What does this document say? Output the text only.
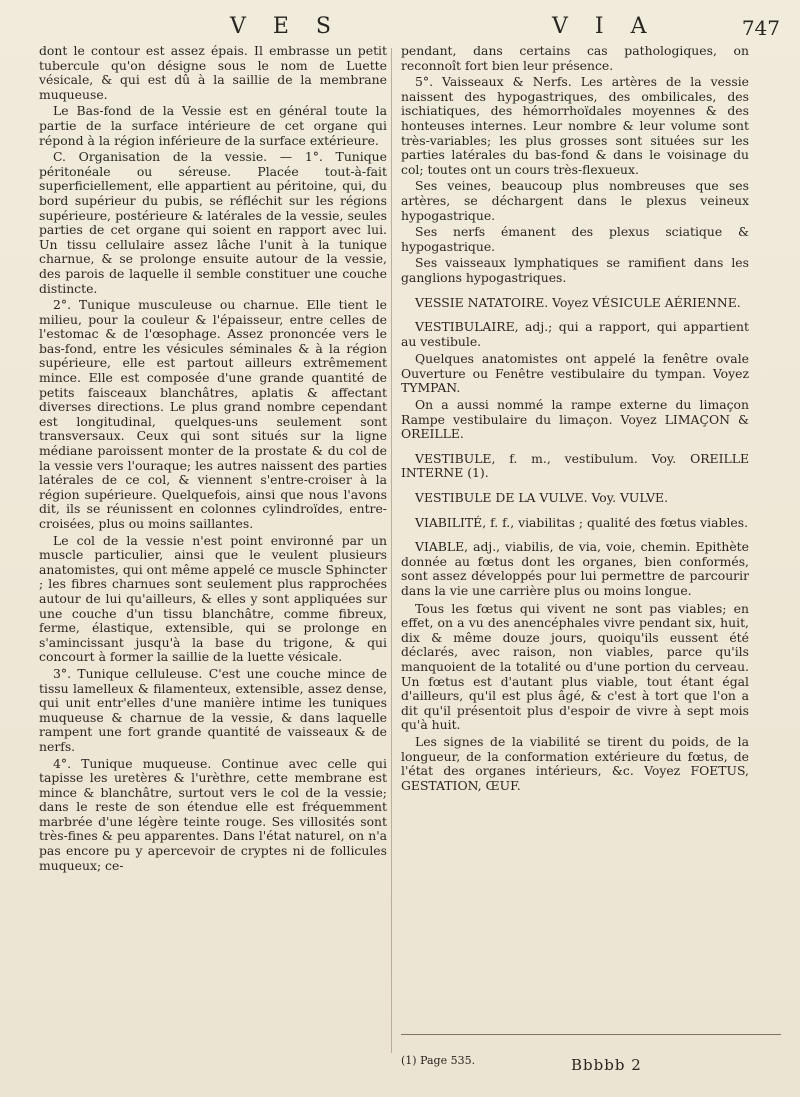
V E S	V I A	747

dont le contour est assez épais. Il embrasse un petit tubercule qu'on désigne sous le nom de Luette vésicale, & qui est dû à la saillie de la membrane muqueuse.

Le Bas-fond de la Vessie est en général toute la partie de la surface intérieure de cet organe qui répond à la région inférieure de la surface extérieure.

C. Organisation de la vessie. — 1°. Tunique péritonéale ou séreuse. Placée tout-à-fait superficiellement, elle appartient au péritoine, qui, du bord supérieur du pubis, se réfléchit sur les régions supérieure, postérieure & latérales de la vessie, seules parties de cet organe qui soient en rapport avec lui. Un tissu cellulaire assez lâche l'unit à la tunique charnue, & se prolonge ensuite autour de la vessie, des parois de laquelle il semble constituer une couche distincte.

2°. Tunique musculeuse ou charnue. Elle tient le milieu, pour la couleur & l'épaisseur, entre celles de l'estomac & de l'œsophage. Assez prononcée vers le bas-fond, entre les vésicules séminales & à la région supérieure, elle est partout ailleurs extrêmement mince. Elle est composée d'une grande quantité de petits faisceaux blanchâtres, aplatis & affectant diverses directions. Le plus grand nombre cependant est longitudinal, quelques-uns seulement sont transversaux. Ceux qui sont situés sur la ligne médiane paroissent monter de la prostate & du col de la vessie vers l'ouraque; les autres naissent des parties latérales de ce col, & viennent s'entre-croiser à la région supérieure. Quelquefois, ainsi que nous l'avons dit, ils se réunissent en colonnes cylindroïdes, entre-croisées, plus ou moins saillantes.

Le col de la vessie n'est point environné par un muscle particulier, ainsi que le veulent plusieurs anatomistes, qui ont même appelé ce muscle Sphincter ; les fibres charnues sont seulement plus rapprochées autour de lui qu'ailleurs, & elles y sont appliquées sur une couche d'un tissu blanchâtre, comme fibreux, ferme, élastique, extensible, qui se prolonge en s'amincissant jusqu'à la base du trigone, & qui concourt à former la saillie de la luette vésicale.

3°. Tunique celluleuse. C'est une couche mince de tissu lamelleux & filamenteux, extensible, assez dense, qui unit entr'elles d'une manière intime les tuniques muqueuse & charnue de la vessie, & dans laquelle rampent une fort grande quantité de vaisseaux & de nerfs.

4°. Tunique muqueuse. Continue avec celle qui tapisse les uretères & l'urèthre, cette membrane est mince & blanchâtre, surtout vers le col de la vessie; dans le reste de son étendue elle est fréquemment marbrée d'une légère teinte rouge. Ses villosités sont très-fines & peu apparentes. Dans l'état naturel, on n'a pas encore pu y apercevoir de cryptes ni de follicules muqueux; ce-

pendant, dans certains cas pathologiques, on reconnoît fort bien leur présence.

5°. Vaisseaux & Nerfs. Les artères de la vessie naissent des hypogastriques, des ombilicales, des ischiatiques, des hémorrhoïdales moyennes & des honteuses internes. Leur nombre & leur volume sont très-variables; les plus grosses sont situées sur les parties latérales du bas-fond & dans le voisinage du col; toutes ont un cours très-flexueux.

Ses veines, beaucoup plus nombreuses que ses artères, se déchargent dans le plexus veineux hypogastrique.

Ses nerfs émanent des plexus sciatique & hypogastrique.

Ses vaisseaux lymphatiques se ramifient dans les ganglions hypogastriques.

VESSIE NATATOIRE. Voyez VÉSICULE AÉRIENNE.

VESTIBULAIRE, adj.; qui a rapport, qui appartient au vestibule.

Quelques anatomistes ont appelé la fenêtre ovale Ouverture ou Fenêtre vestibulaire du tympan. Voyez TYMPAN.

On a aussi nommé la rampe externe du limaçon Rampe vestibulaire du limaçon. Voyez LIMAÇON & OREILLE.

VESTIBULE, f. m., vestibulum. Voy. OREILLE INTERNE (1).

VESTIBULE DE LA VULVE. Voy. VULVE.

VIABILITÉ, f. f., viabilitas ; qualité des fœtus viables.

VIABLE, adj., viabilis, de via, voie, chemin. Epithète donnée au fœtus dont les organes, bien conformés, sont assez développés pour lui permettre de parcourir dans la vie une carrière plus ou moins longue.

Tous les fœtus qui vivent ne sont pas viables; en effet, on a vu des anencéphales vivre pendant six, huit, dix & même douze jours, quoiqu'ils eussent été déclarés, avec raison, non viables, parce qu'ils manquoient de la totalité ou d'une portion du cerveau. Un fœtus est d'autant plus viable, tout étant égal d'ailleurs, qu'il est plus âgé, & c'est à tort que l'on a dit qu'il présentoit plus d'espoir de vivre à sept mois qu'à huit.

Les signes de la viabilité se tirent du poids, de la longueur, de la conformation extérieure du fœtus, de l'état des organes intérieurs, &c. Voyez FOETUS, GESTATION, ŒUF.

(1) Page 535.	Bbbbb 2
